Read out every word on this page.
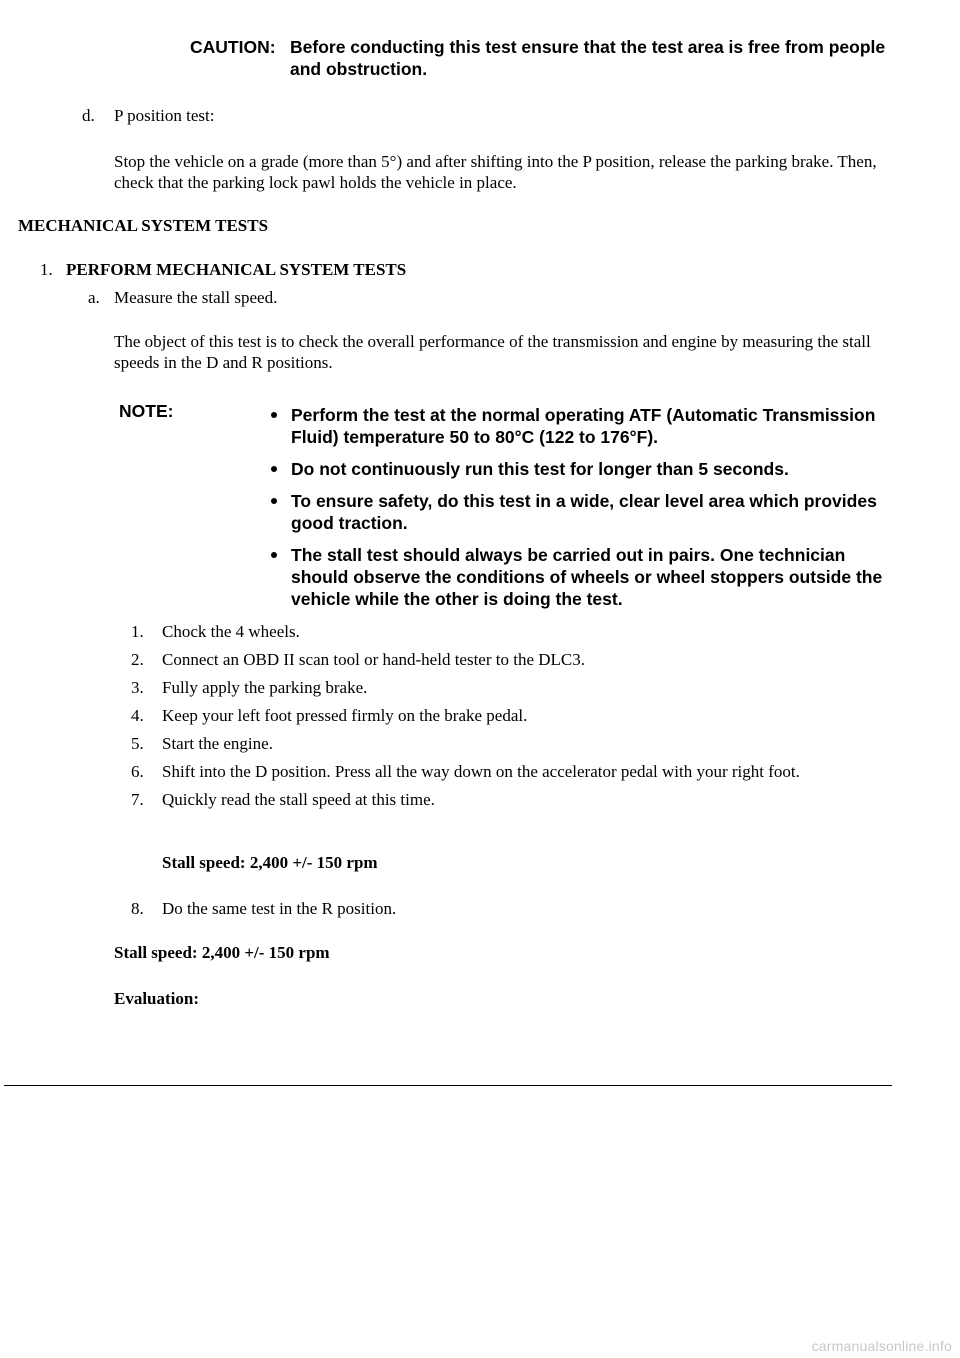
CAUTION: Before conducting this test ensure that the test area is free from people and obstruction.
d. P position test:
Stop the vehicle on a grade (more than 5°) and after shifting into the P position, release the parking brake. Then, check that the parking lock pawl holds the vehicle in place.
MECHANICAL SYSTEM TESTS
1. PERFORM MECHANICAL SYSTEM TESTS
a. Measure the stall speed.
The object of this test is to check the overall performance of the transmission and engine by measuring the stall speeds in the D and R positions.
NOTE:	Perform the test at the normal operating ATF (Automatic Transmission Fluid) temperature 50 to 80°C (122 to 176°F).
Do not continuously run this test for longer than 5 seconds.
To ensure safety, do this test in a wide, clear level area which provides good traction.
The stall test should always be carried out in pairs. One technician should observe the conditions of wheels or wheel stoppers outside the vehicle while the other is doing the test.
1. Chock the 4 wheels.
2. Connect an OBD II scan tool or hand-held tester to the DLC3.
3. Fully apply the parking brake.
4. Keep your left foot pressed firmly on the brake pedal.
5. Start the engine.
6. Shift into the D position. Press all the way down on the accelerator pedal with your right foot.
7. Quickly read the stall speed at this time.
Stall speed: 2,400 +/- 150 rpm
8. Do the same test in the R position.
Stall speed: 2,400 +/- 150 rpm
Evaluation:
carmanualsonline.info
